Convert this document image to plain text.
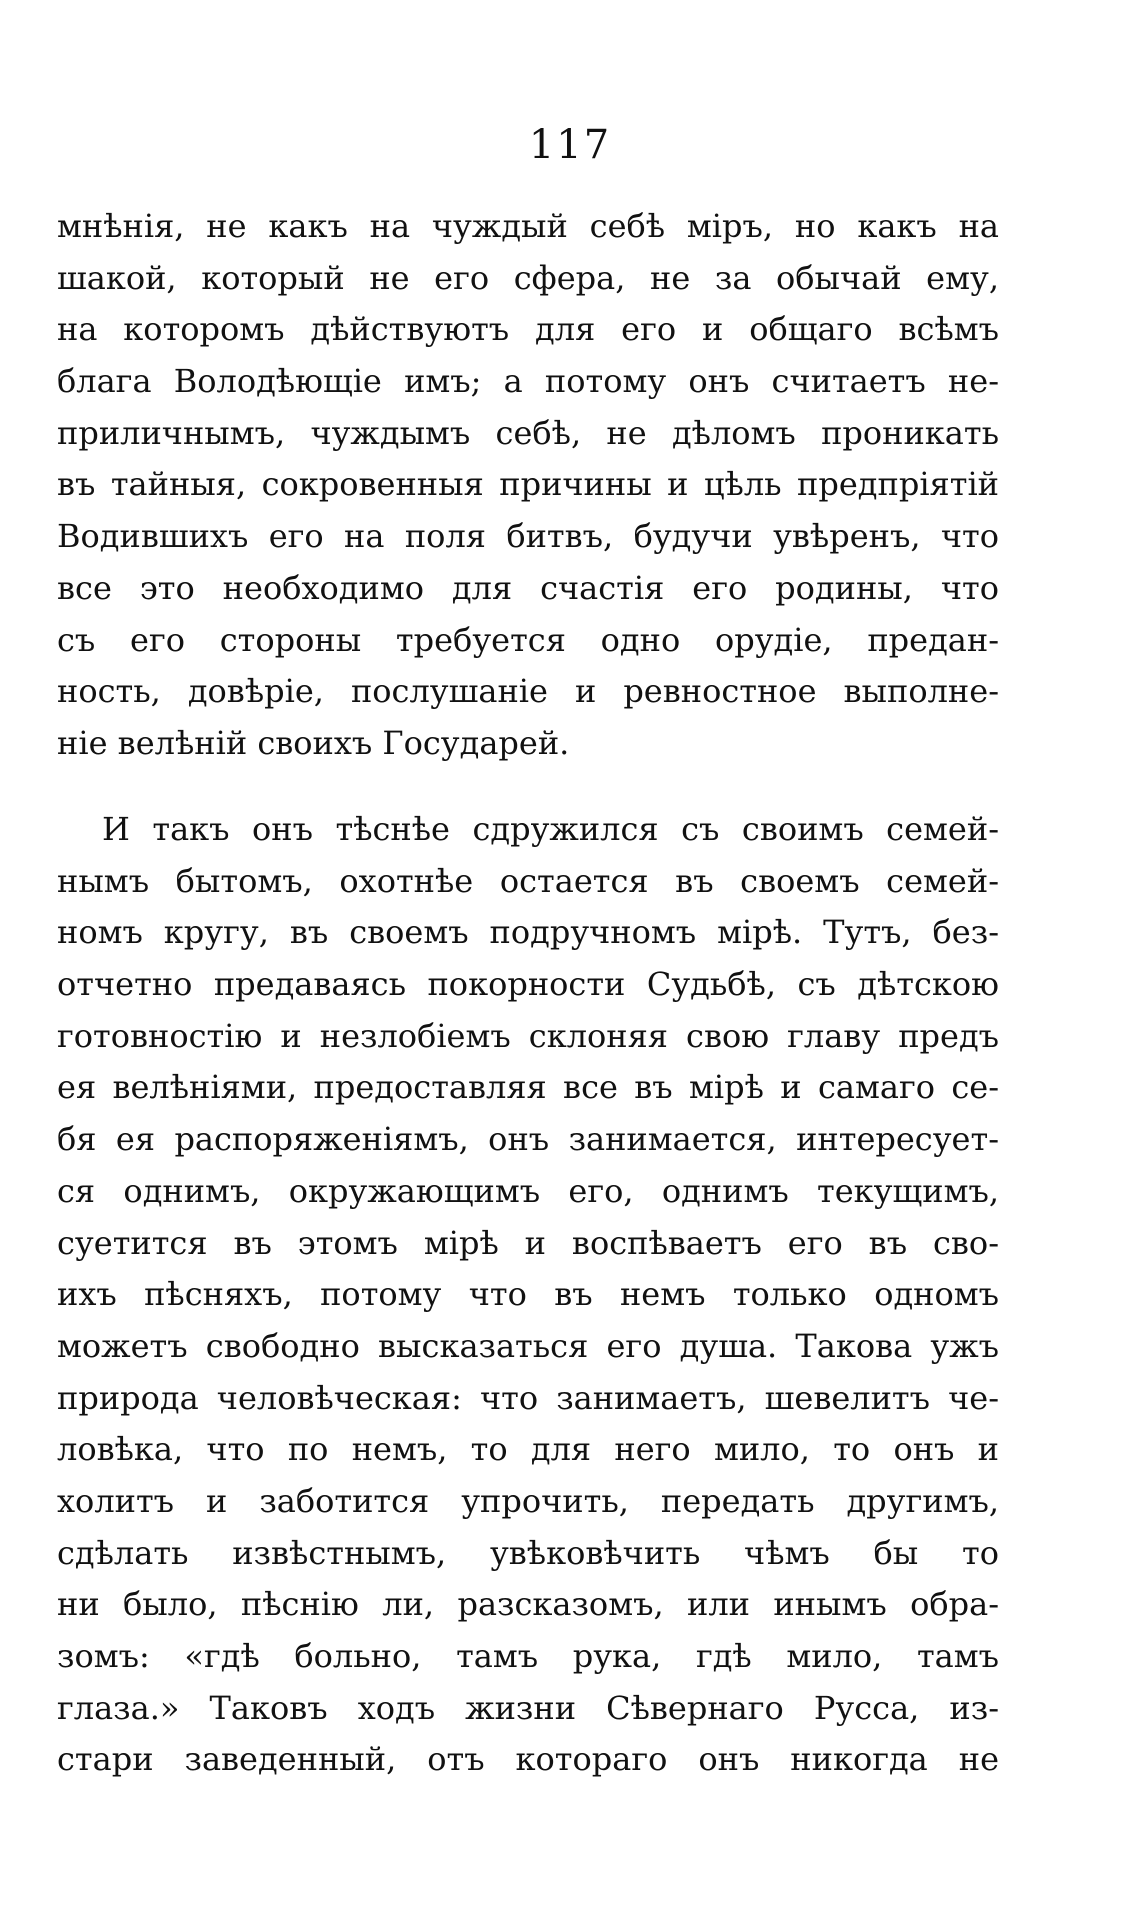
117
мнѣнія, не какъ на чуждый себѣ міръ, но какъ на
шакой, который не его сфера, не за обычай ему,
на которомъ дѣйствуютъ для его и общаго всѣмъ
блага Володѣющіе имъ; а потому онъ считаетъ не-
приличнымъ, чуждымъ себѣ, не дѣломъ проникать
въ тайныя, сокровенныя причины и цѣль предпріятій
Водившихъ его на поля битвъ, будучи увѣренъ, что
все это необходимо для счастія его родины, что
съ его стороны требуется одно орудіе, предан-
ность, довѣріе, послушаніе и ревностное выполне-
ніе велѣній своихъ Государей.
И такъ онъ тѣснѣе сдружился съ своимъ семей-
нымъ бытомъ, охотнѣе остается въ своемъ семей-
номъ кругу, въ своемъ подручномъ мірѣ. Тутъ, без-
отчетно предаваясь покорности Судьбѣ, съ дѣтскою
готовностію и незлобіемъ склоняя свою главу предъ
ея велѣніями, предоставляя все въ мірѣ и самаго се-
бя ея распоряженіямъ, онъ занимается, интересует-
ся однимъ, окружающимъ его, однимъ текущимъ,
суетится въ этомъ мірѣ и воспѣваетъ его въ сво-
ихъ пѣсняхъ, потому что въ немъ только одномъ
можетъ свободно высказаться его душа. Такова ужъ
природа человѣческая: что занимаетъ, шевелитъ че-
ловѣка, что по немъ, то для него мило, то онъ и
холитъ и заботится упрочить, передать другимъ,
сдѣлать извѣстнымъ, увѣковѣчить чѣмъ бы то
ни было, пѣснію ли, разсказомъ, или инымъ обра-
зомъ: «гдѣ больно, тамъ рука, гдѣ мило, тамъ
глаза.» Таковъ ходъ жизни Сѣвернаго Русса, из-
стари заведенный, отъ котораго онъ никогда не
